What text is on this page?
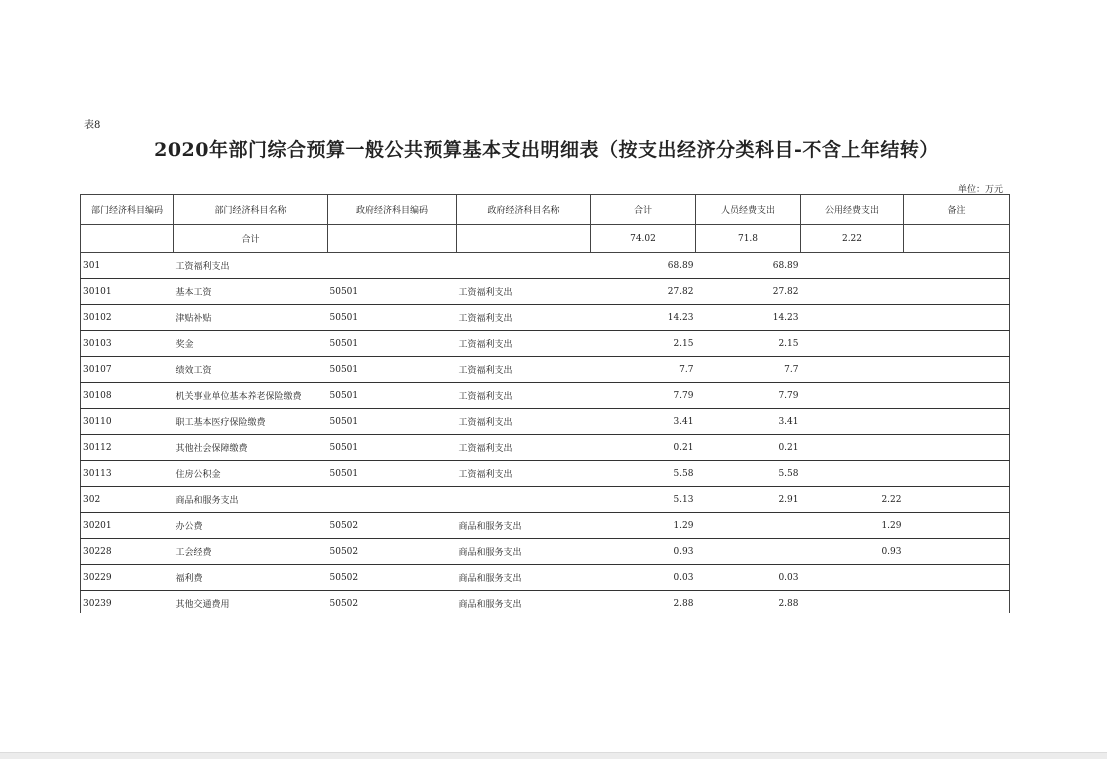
表8
2020年部门综合预算一般公共预算基本支出明细表（按支出经济分类科目-不含上年结转）
单位：万元
部门经济科目编码	部门经济科目名称	政府经济科目编码	政府经济科目名称	合计	人员经费支出	公用经费支出	备注
	合计			74.02	71.8	2.22	
301	工资福利支出			68.89	68.89		
30101	基本工资	50501	工资福利支出	27.82	27.82		
30102	津贴补贴	50501	工资福利支出	14.23	14.23		
30103	奖金	50501	工资福利支出	2.15	2.15		
30107	绩效工资	50501	工资福利支出	7.7	7.7		
30108	机关事业单位基本养老保险缴费	50501	工资福利支出	7.79	7.79		
30110	职工基本医疗保险缴费	50501	工资福利支出	3.41	3.41		
30112	其他社会保障缴费	50501	工资福利支出	0.21	0.21		
30113	住房公积金	50501	工资福利支出	5.58	5.58		
302	商品和服务支出			5.13	2.91	2.22	
30201	办公费	50502	商品和服务支出	1.29		1.29	
30228	工会经费	50502	商品和服务支出	0.93		0.93	
30229	福利费	50502	商品和服务支出	0.03	0.03		
30239	其他交通费用	50502	商品和服务支出	2.88	2.88		
